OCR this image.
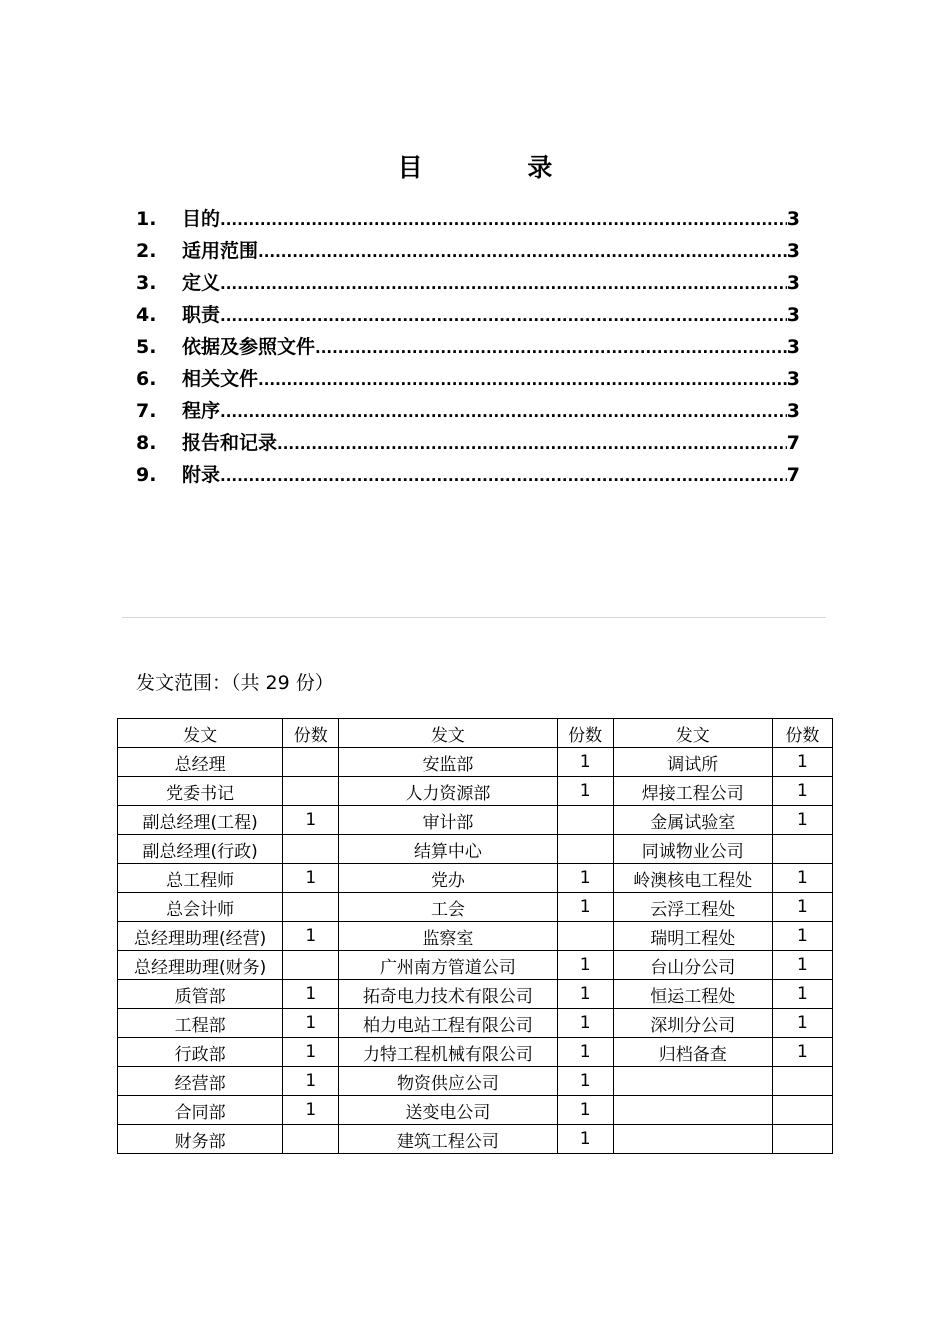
目 录
1.	目的 .....	3
2.	适用范围 .....	3
3.	定义 .....	3
4.	职责 .....	3
5.	依据及参照文件 .....	3
6.	相关文件 .....	3
7.	程序 .....	3
8.	报告和记录 .....	7
9.	附录 .....	7
发文范围：（共 29 份）
发文	份数	发文	份数	发文	份数
总经理		安监部	1	调试所	1
党委书记		人力资源部	1	焊接工程公司	1
副总经理(工程)	1	审计部		金属试验室	1
副总经理(行政)		结算中心		同诚物业公司	
总工程师	1	党办	1	岭澳核电工程处	1
总会计师		工会	1	云浮工程处	1
总经理助理(经营)	1	监察室		瑞明工程处	1
总经理助理(财务)		广州南方管道公司	1	台山分公司	1
质管部	1	拓奇电力技术有限公司	1	恒运工程处	1
工程部	1	柏力电站工程有限公司	1	深圳分公司	1
行政部	1	力特工程机械有限公司	1	归档备查	1
经营部	1	物资供应公司	1		
合同部	1	送变电公司	1		
财务部		建筑工程公司	1		
